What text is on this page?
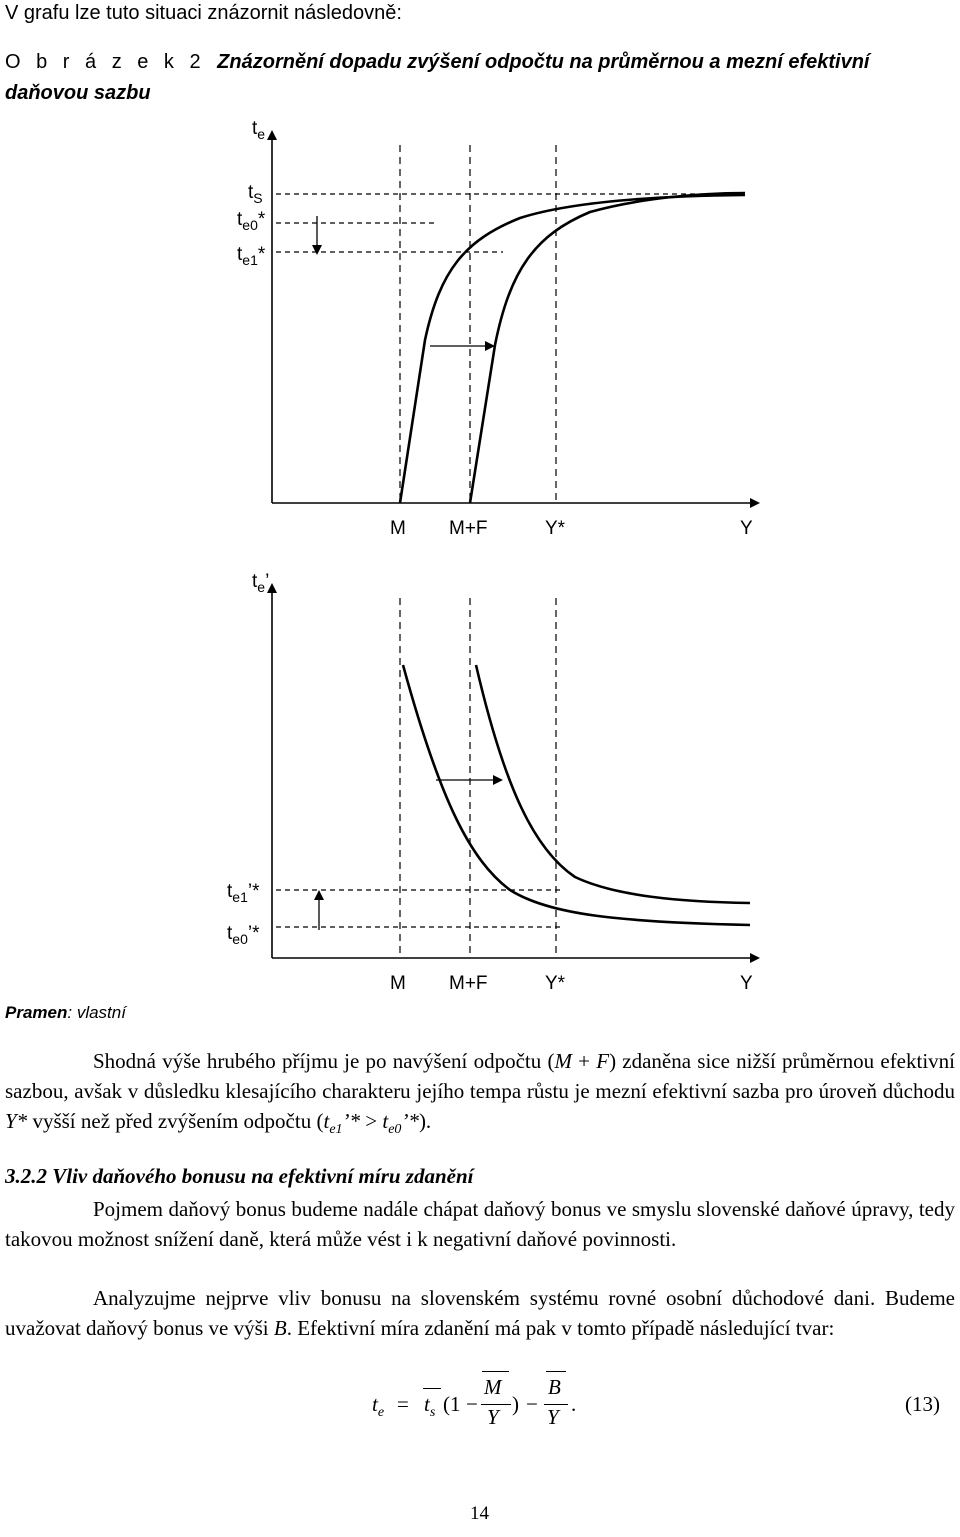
V grafu lze tuto situaci znázornit následovně:
O b r á z e k 2 Znázornění dopadu zvýšení odpočtu na průměrnou a mezní efektivní
daňovou sazbu
$t_e$
$t_S$
$t_{e0}*$
$t_{e1}*$
M M+F	Y*	Y
$t_e$’
$t_{e1}’*$
$t_{e0}’*$
M M+F	Y*	Y
Pramen: vlastní
Shodná výše hrubého příjmu je po navýšení odpočtu (M + F) zdaněna sice nižší průměrnou efektivní sazbou, avšak v důsledku klesajícího charakteru jejího tempa růstu je mezní efektivní sazba pro úroveň důchodu Y* vyšší než před zvýšením odpočtu ($t_{e1}’*$ > $t_{e0}’*$).
3.2.2 Vliv daňového bonusu na efektivní míru zdanění
Pojmem daňový bonus budeme nadále chápat daňový bonus ve smyslu slovenské daňové úpravy, tedy takovou možnost snížení daně, která může vést i k negativní daňové povinnosti.
Analyzujme nejprve vliv bonusu na slovenském systému rovné osobní důchodové dani. Budeme uvažovat daňový bonus ve výši B. Efektivní míra zdanění má pak v tomto případě následující tvar:
$t_e = t_s$ (1 −
M
Y
) −
B
Y
.	(13)
14
